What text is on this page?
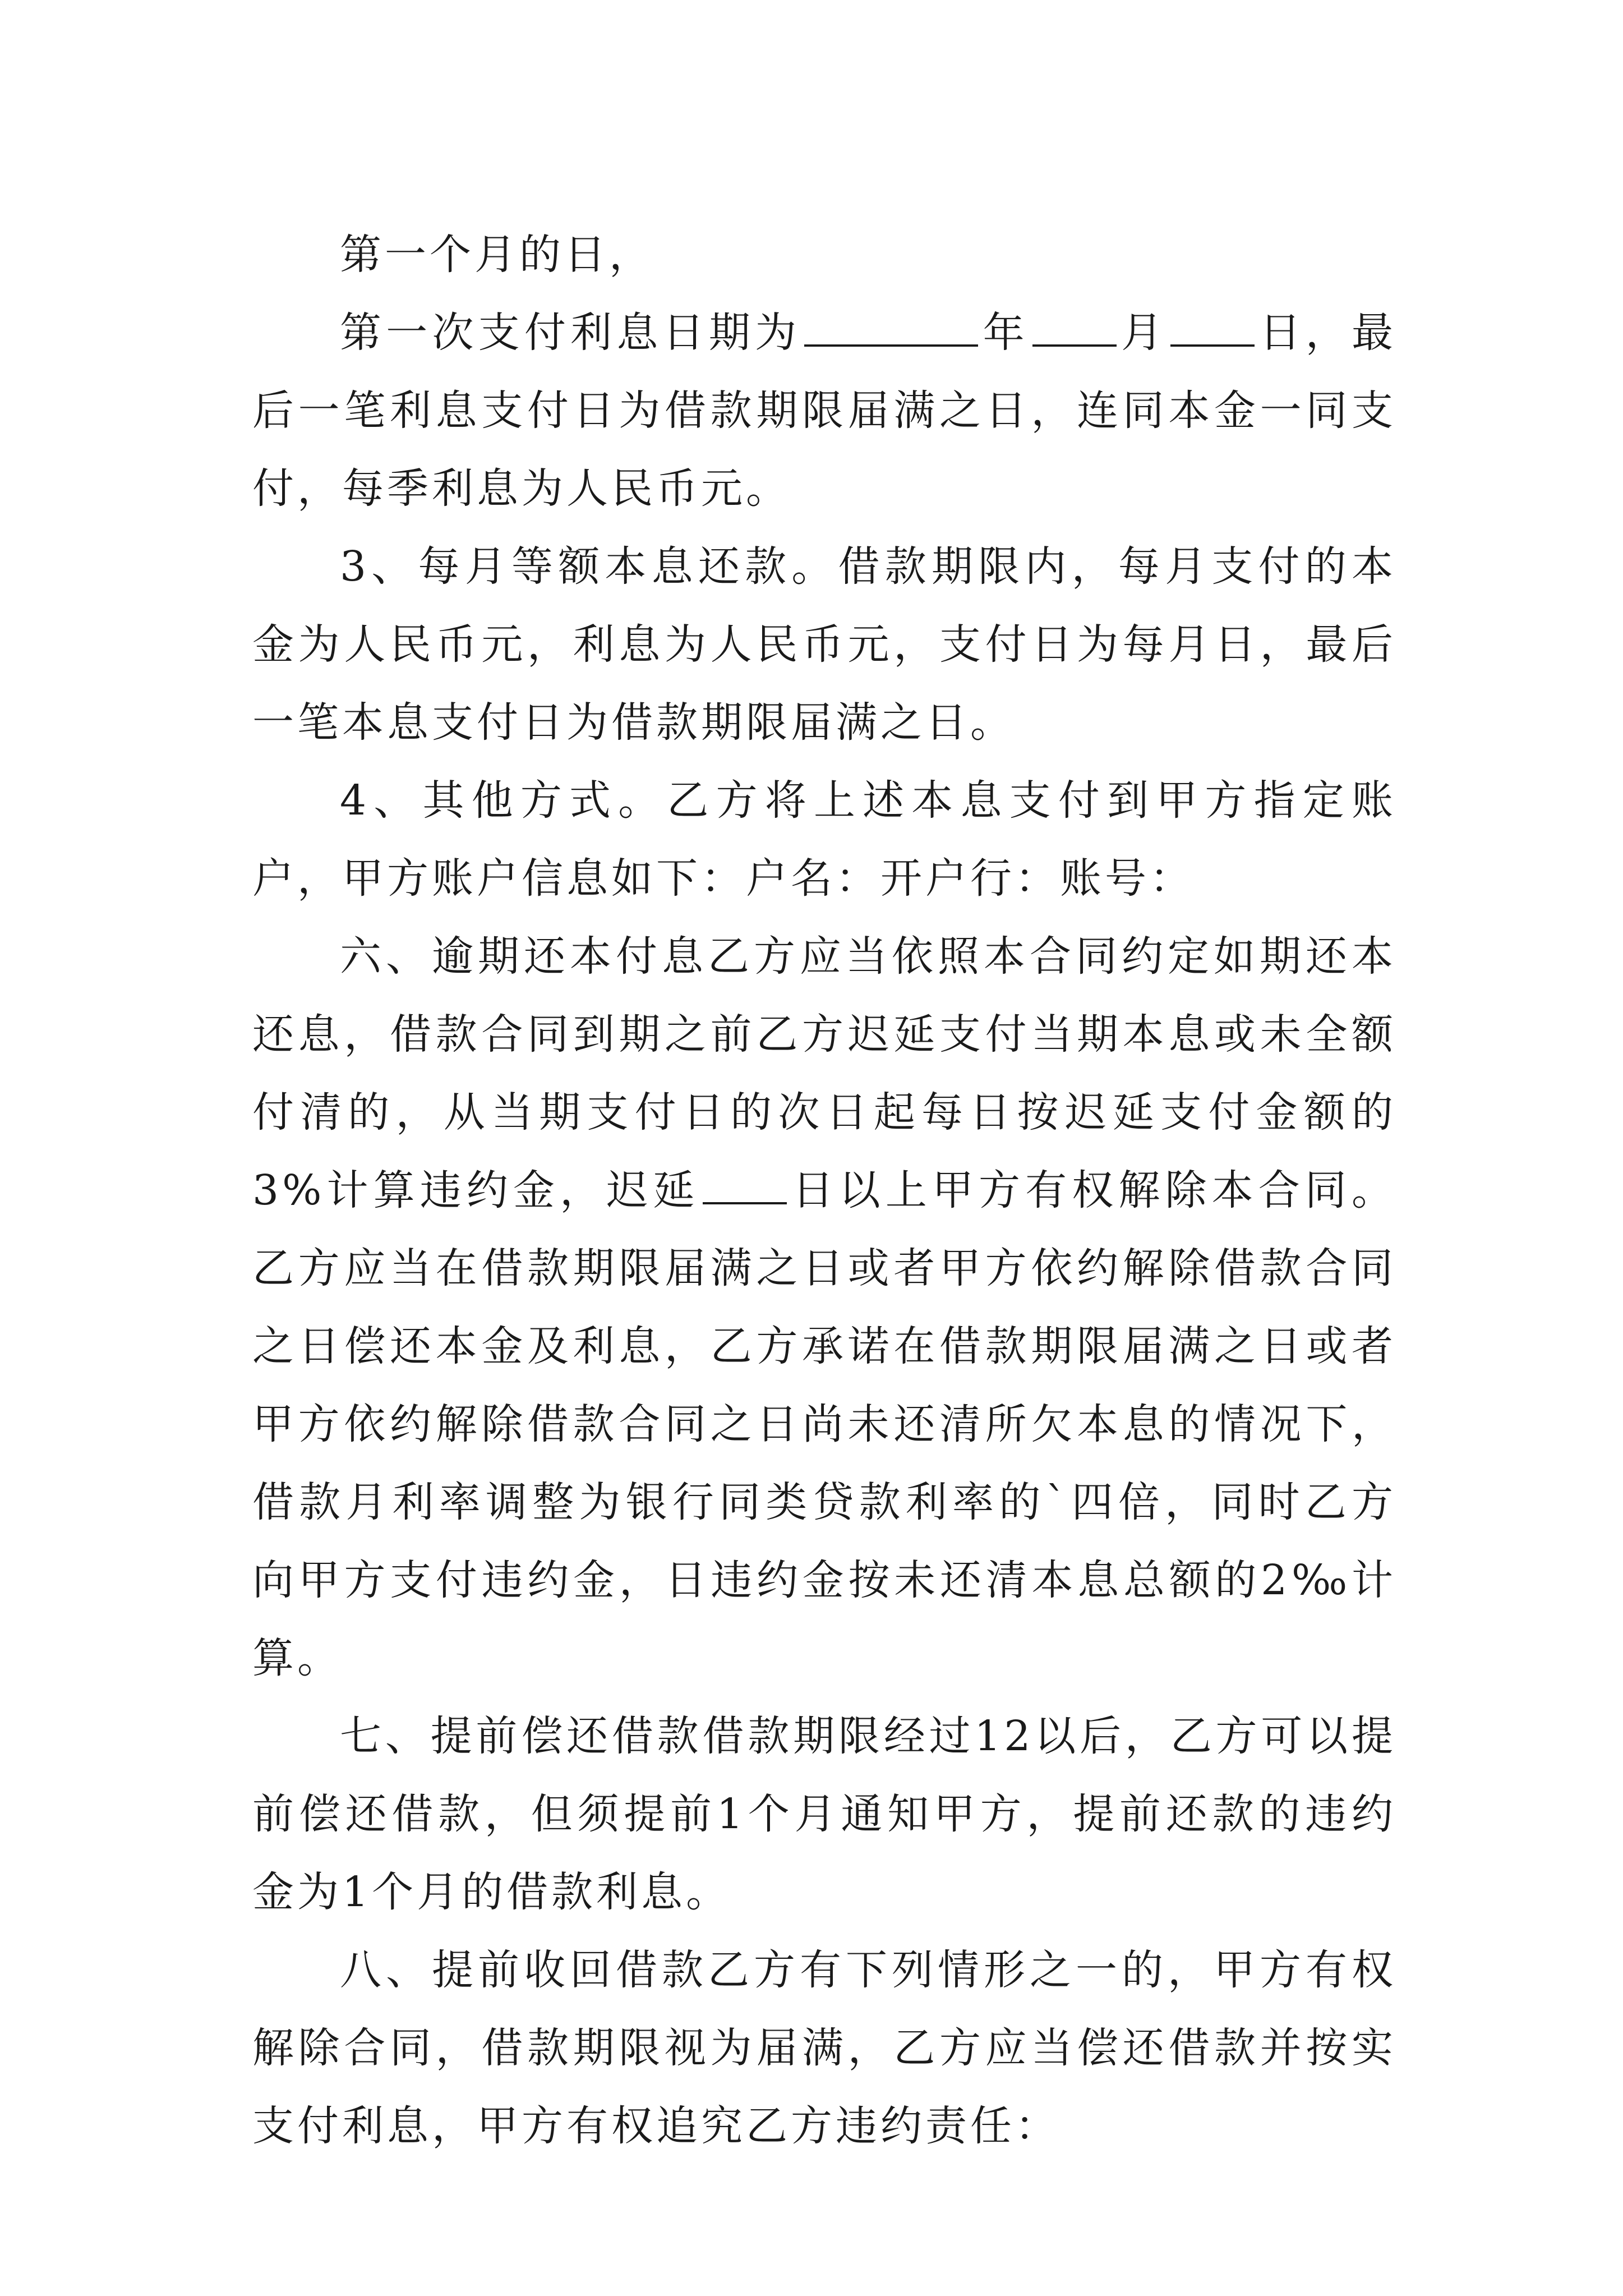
第一个月的日，

第一次支付利息日期为	年 月 日，最后一笔利息支付日为借款期限届满之日，连同本金一同支付，每季利息为人民币元。

3、每月等额本息还款。借款期限内，每月支付的本金为人民币元，利息为人民币元，支付日为每月日，最后一笔本息支付日为借款期限届满之日。

4、其他方式。乙方将上述本息支付到甲方指定账户，甲方账户信息如下：户名：开户行：账号：

六、逾期还本付息乙方应当依照本合同约定如期还本还息，借款合同到期之前乙方迟延支付当期本息或未全额付清的，从当期支付日的次日起每日按迟延支付金额的3%计算违约金，迟延 日以上甲方有权解除本合同。乙方应当在借款期限届满之日或者甲方依约解除借款合同之日偿还本金及利息，乙方承诺在借款期限届满之日或者甲方依约解除借款合同之日尚未还清所欠本息的情况下，借款月利率调整为银行同类贷款利率的`四倍，同时乙方向甲方支付违约金，日违约金按未还清本息总额的2‰计算。

七、提前偿还借款借款期限经过12以后，乙方可以提前偿还借款，但须提前1个月通知甲方，提前还款的违约金为1个月的借款利息。

八、提前收回借款乙方有下列情形之一的，甲方有权解除合同，借款期限视为届满，乙方应当偿还借款并按实支付利息，甲方有权追究乙方违约责任：
